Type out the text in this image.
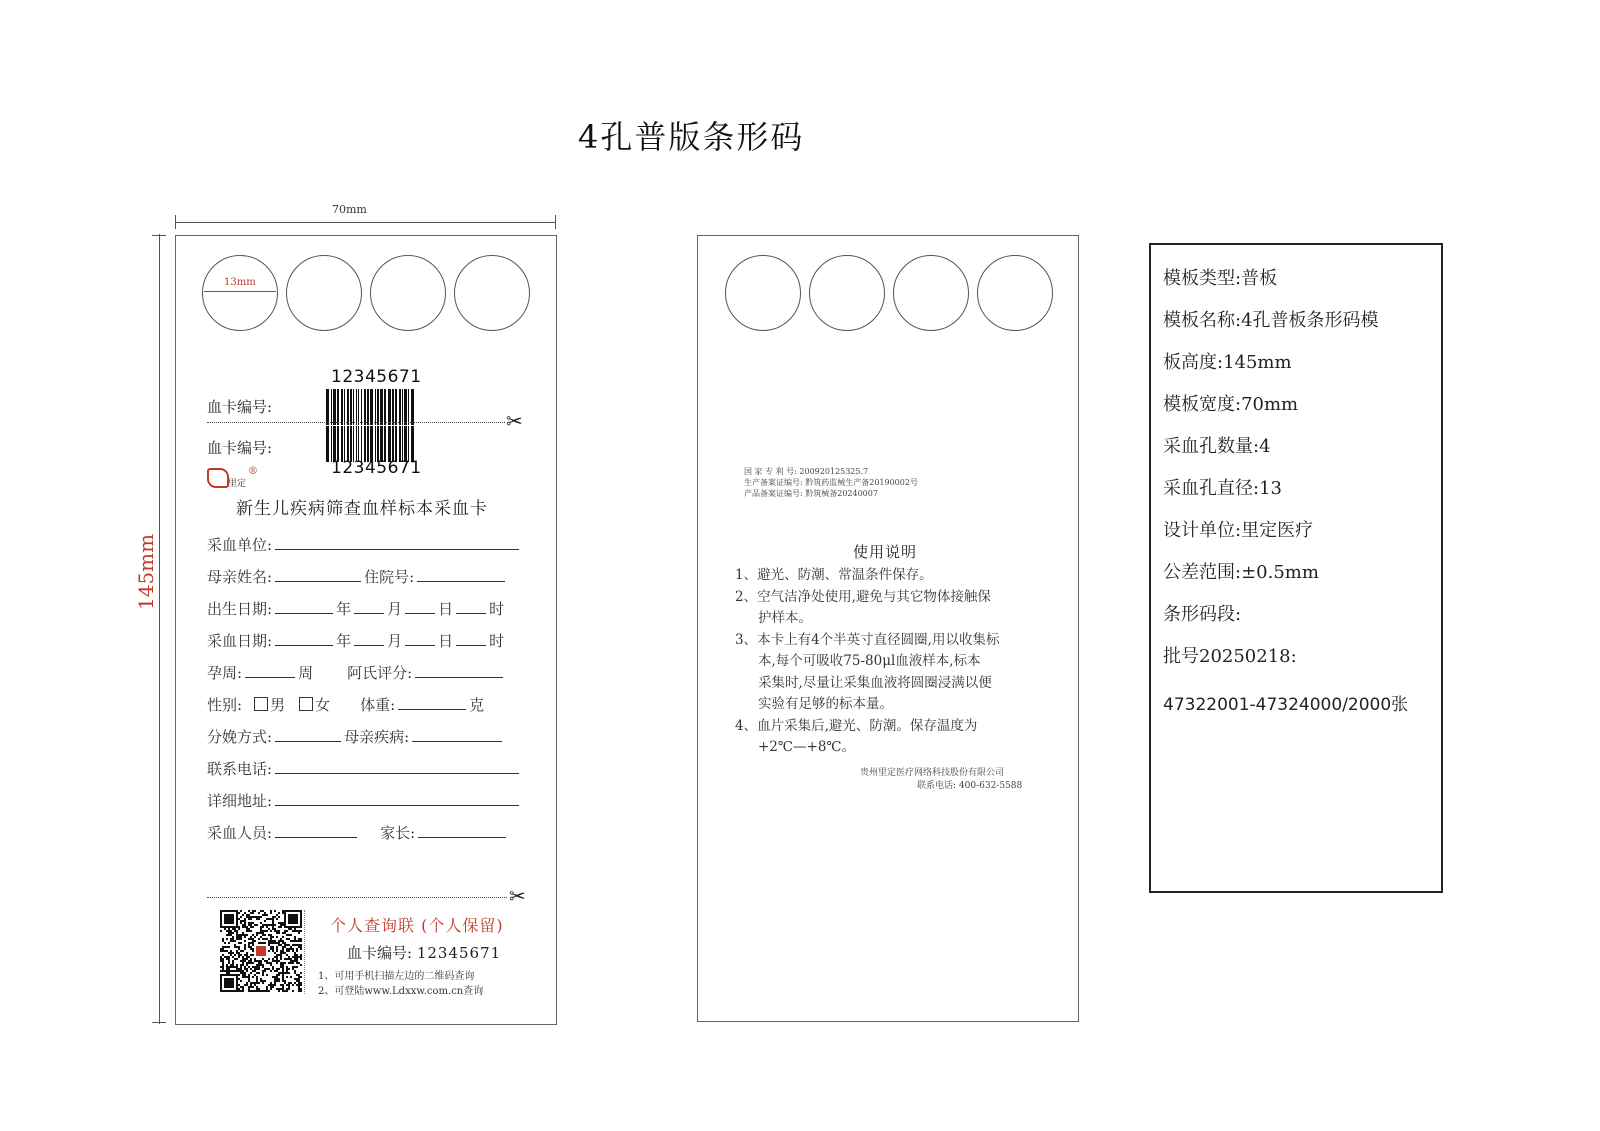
4孔普版条形码
70mm
145mm
13mm
12345671
血卡编号:
✂
血卡编号:
12345671
里定
®
新生儿疾病筛查血样标本采血卡
采血单位:
母亲姓名:	住院号:
出生日期:	年 月 日 时
采血日期:	年 月 日 时
孕周:	周 阿氏评分:
性别: 男 女 体重:	克
分娩方式:	母亲疾病:
联系电话:
详细地址:
采血人员:	家长:
✂
个人查询联 (个人保留)
血卡编号: 12345671
1、可用手机扫描左边的二维码查询
2、可登陆www.Ldxxw.com.cn查询
国 家 专 利 号: 200920125325.7
生产备案证编号: 黔筑药监械生产备20190002号
产品备案证编号: 黔筑械备20240007
使用说明
1、避光、防潮、常温条件保存。
2、空气洁净处使用,避免与其它物体接触保
护样本。
3、本卡上有4个半英寸直径圆圈,用以收集标
本,每个可吸收75-80μl血液样本,标本
采集时,尽量让采集血液将圆圈浸满以便
实验有足够的标本量。
4、血片采集后,避光、防潮。保存温度为
+2℃—+8℃。
贵州里定医疗网络科技股份有限公司
联系电话: 400-632-5588
模板类型:普板
模板名称:4孔普板条形码模
板高度:145mm
模板宽度:70mm
采血孔数量:4
采血孔直径:13
设计单位:里定医疗
公差范围:±0.5mm
条形码段:
批号20250218:
47322001-47324000/2000张
